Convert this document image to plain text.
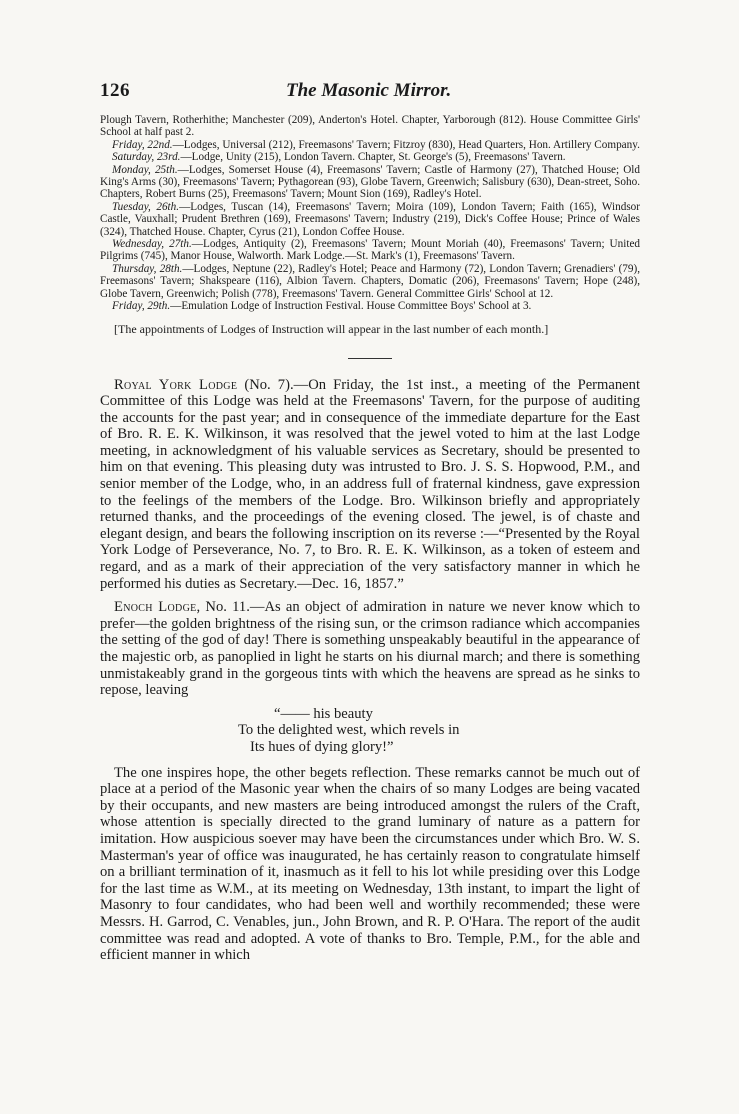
126	The Masonic Mirror.

Plough Tavern, Rotherhithe; Manchester (209), Anderton's Hotel. Chapter, Yarborough (812). House Committee Girls' School at half past 2.

Friday, 22nd.—Lodges, Universal (212), Freemasons' Tavern; Fitzroy (830), Head Quarters, Hon. Artillery Company.

Saturday, 23rd.—Lodge, Unity (215), London Tavern. Chapter, St. George's (5), Freemasons' Tavern.

Monday, 25th.—Lodges, Somerset House (4), Freemasons' Tavern; Castle of Harmony (27), Thatched House; Old King's Arms (30), Freemasons' Tavern; Pythagorean (93), Globe Tavern, Greenwich; Salisbury (630), Dean-street, Soho. Chapters, Robert Burns (25), Freemasons' Tavern; Mount Sion (169), Radley's Hotel.

Tuesday, 26th.—Lodges, Tuscan (14), Freemasons' Tavern; Moira (109), London Tavern; Faith (165), Windsor Castle, Vauxhall; Prudent Brethren (169), Freemasons' Tavern; Industry (219), Dick's Coffee House; Prince of Wales (324), Thatched House. Chapter, Cyrus (21), London Coffee House.

Wednesday, 27th.—Lodges, Antiquity (2), Freemasons' Tavern; Mount Moriah (40), Freemasons' Tavern; United Pilgrims (745), Manor House, Walworth. Mark Lodge.—St. Mark's (1), Freemasons' Tavern.

Thursday, 28th.—Lodges, Neptune (22), Radley's Hotel; Peace and Harmony (72), London Tavern; Grenadiers' (79), Freemasons' Tavern; Shakspeare (116), Albion Tavern. Chapters, Domatic (206), Freemasons' Tavern; Hope (248), Globe Tavern, Greenwich; Polish (778), Freemasons' Tavern. General Committee Girls' School at 12.

Friday, 29th.—Emulation Lodge of Instruction Festival. House Committee Boys' School at 3.

[The appointments of Lodges of Instruction will appear in the last number of each month.]

Royal York Lodge (No. 7).—On Friday, the 1st inst., a meeting of the Permanent Committee of this Lodge was held at the Freemasons' Tavern, for the purpose of auditing the accounts for the past year; and in consequence of the immediate departure for the East of Bro. R. E. K. Wilkinson, it was resolved that the jewel voted to him at the last Lodge meeting, in acknowledgment of his valuable services as Secretary, should be presented to him on that evening. This pleasing duty was intrusted to Bro. J. S. S. Hopwood, P.M., and senior member of the Lodge, who, in an address full of fraternal kindness, gave expression to the feelings of the members of the Lodge. Bro. Wilkinson briefly and appropriately returned thanks, and the proceedings of the evening closed. The jewel, is of chaste and elegant design, and bears the following inscription on its reverse :—“Presented by the Royal York Lodge of Perseverance, No. 7, to Bro. R. E. K. Wilkinson, as a token of esteem and regard, and as a mark of their appreciation of the very satisfactory manner in which he performed his duties as Secretary.—Dec. 16, 1857.”

Enoch Lodge, No. 11.—As an object of admiration in nature we never know which to prefer—the golden brightness of the rising sun, or the crimson radiance which accompanies the setting of the god of day! There is something unspeakably beautiful in the appearance of the majestic orb, as panoplied in light he starts on his diurnal march; and there is something unmistakeably grand in the gorgeous tints with which the heavens are spread as he sinks to repose, leaving

“—— his beauty
To the delighted west, which revels in
Its hues of dying glory!”

The one inspires hope, the other begets reflection. These remarks cannot be much out of place at a period of the Masonic year when the chairs of so many Lodges are being vacated by their occupants, and new masters are being introduced amongst the rulers of the Craft, whose attention is specially directed to the grand luminary of nature as a pattern for imitation. How auspicious soever may have been the circumstances under which Bro. W. S. Masterman's year of office was inaugurated, he has certainly reason to congratulate himself on a brilliant termination of it, inasmuch as it fell to his lot while presiding over this Lodge for the last time as W.M., at its meeting on Wednesday, 13th instant, to impart the light of Masonry to four candidates, who had been well and worthily recommended; these were Messrs. H. Garrod, C. Venables, jun., John Brown, and R. P. O'Hara. The report of the audit committee was read and adopted. A vote of thanks to Bro. Temple, P.M., for the able and efficient manner in which
